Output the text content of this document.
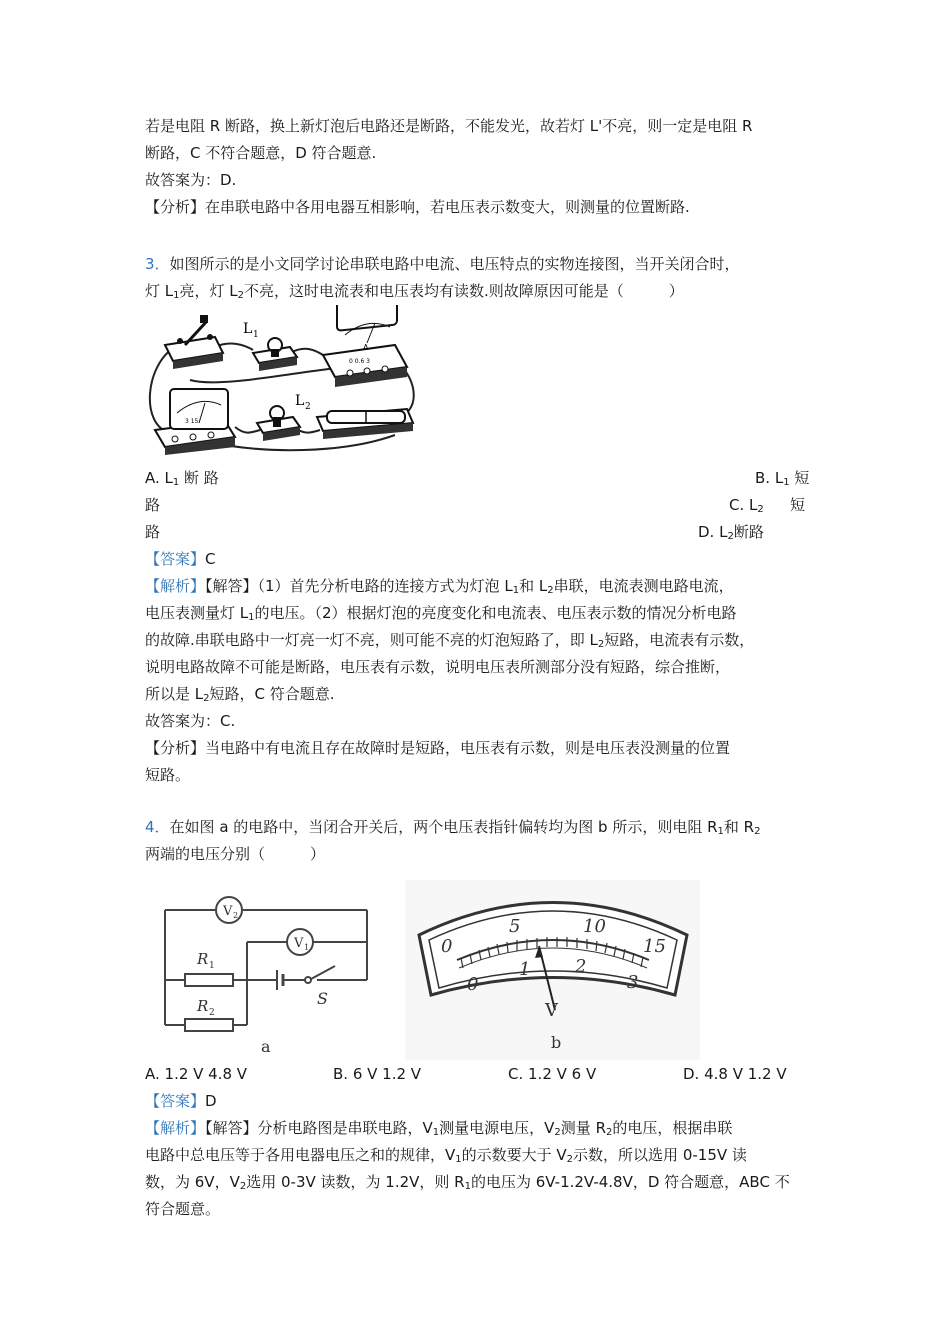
若是电阻 R 断路，换上新灯泡后电路还是断路，不能发光，故若灯 L'不亮，则一定是电阻 R
断路，C 不符合题意，D 符合题意.
故答案为：D.
【分析】在串联电路中各用电器互相影响，若电压表示数变大，则测量的位置断路.
3．如图所示的是小文同学讨论串联电路中电流、电压特点的实物连接图，当开关闭合时，
灯 $L_1$亮，灯 $L_2$不亮，这时电流表和电压表均有读数.则故障原因可能是（　　　）
L 1
A
0 0.6 3
3 15
L 2
A. $L_1$ 断 路	B. $L_1$ 短
路	C. $L_2$ 短
路	D. $L_2$断路
【答案】C
【解析】【解答】（1）首先分析电路的连接方式为灯泡 $L_1$和 $L_2$串联，电流表测电路电流，
电压表测量灯 $L_1$的电压。（2）根据灯泡的亮度变化和电流表、电压表示数的情况分析电路
的故障.串联电路中一灯亮一灯不亮，则可能不亮的灯泡短路了，即 $L_2$短路，电流表有示数，
说明电路故障不可能是断路，电压表有示数，说明电压表所测部分没有短路，综合推断，
所以是 $L_2$短路，C 符合题意.
故答案为：C.
【分析】当电路中有电流且存在故障时是短路，电压表有示数，则是电压表没测量的位置
短路。
4．在如图 a 的电路中，当闭合开关后，两个电压表指针偏转均为图 b 所示，则电阻 $R_1$和 $R_2$
两端的电压分别（　　　）
V 2
V 1
R 1
S
R 2
a
0
5	10
15
0
1 2
3
V
b
A. 1.2 V 4.8 V	B. 6 V 1.2 V	C. 1.2 V 6 V	D. 4.8 V 1.2 V
【答案】D
【解析】【解答】分析电路图是串联电路，$V_1$测量电源电压，$V_2$测量 $R_2$的电压，根据串联
电路中总电压等于各用电器电压之和的规律，$V_1$的示数要大于 $V_2$示数，所以选用 0-15V 读
数，为 6V，$V_2$选用 0-3V 读数，为 1.2V，则 $R_1$的电压为 6V-1.2V-4.8V，D 符合题意，ABC 不
符合题意。
